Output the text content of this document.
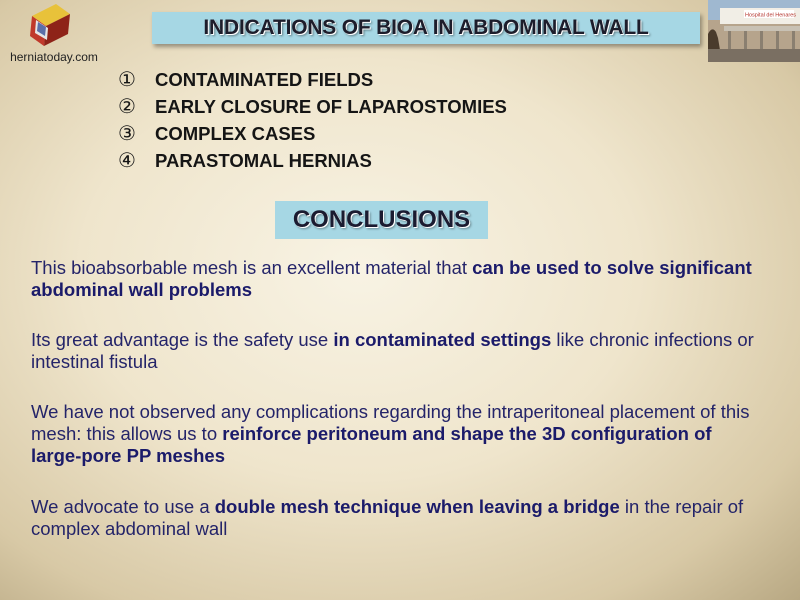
herniatoday.com
INDICATIONS OF BIOA IN ABDOMINAL WALL
Hospital del Henares
①	CONTAMINATED FIELDS
②	EARLY CLOSURE OF LAPAROSTOMIES
③	COMPLEX CASES
④	PARASTOMAL HERNIAS
CONCLUSIONS

This bioabsorbable mesh is an excellent material that can be used to solve significant abdominal wall problems

Its great advantage is the safety use in contaminated settings like chronic infections or intestinal fistula

We have not observed any complications regarding the intraperitoneal placement of this mesh: this allows us to reinforce peritoneum and shape the 3D configuration of large-pore PP meshes

We advocate to use a double mesh technique when leaving a bridge in the repair of complex abdominal wall
